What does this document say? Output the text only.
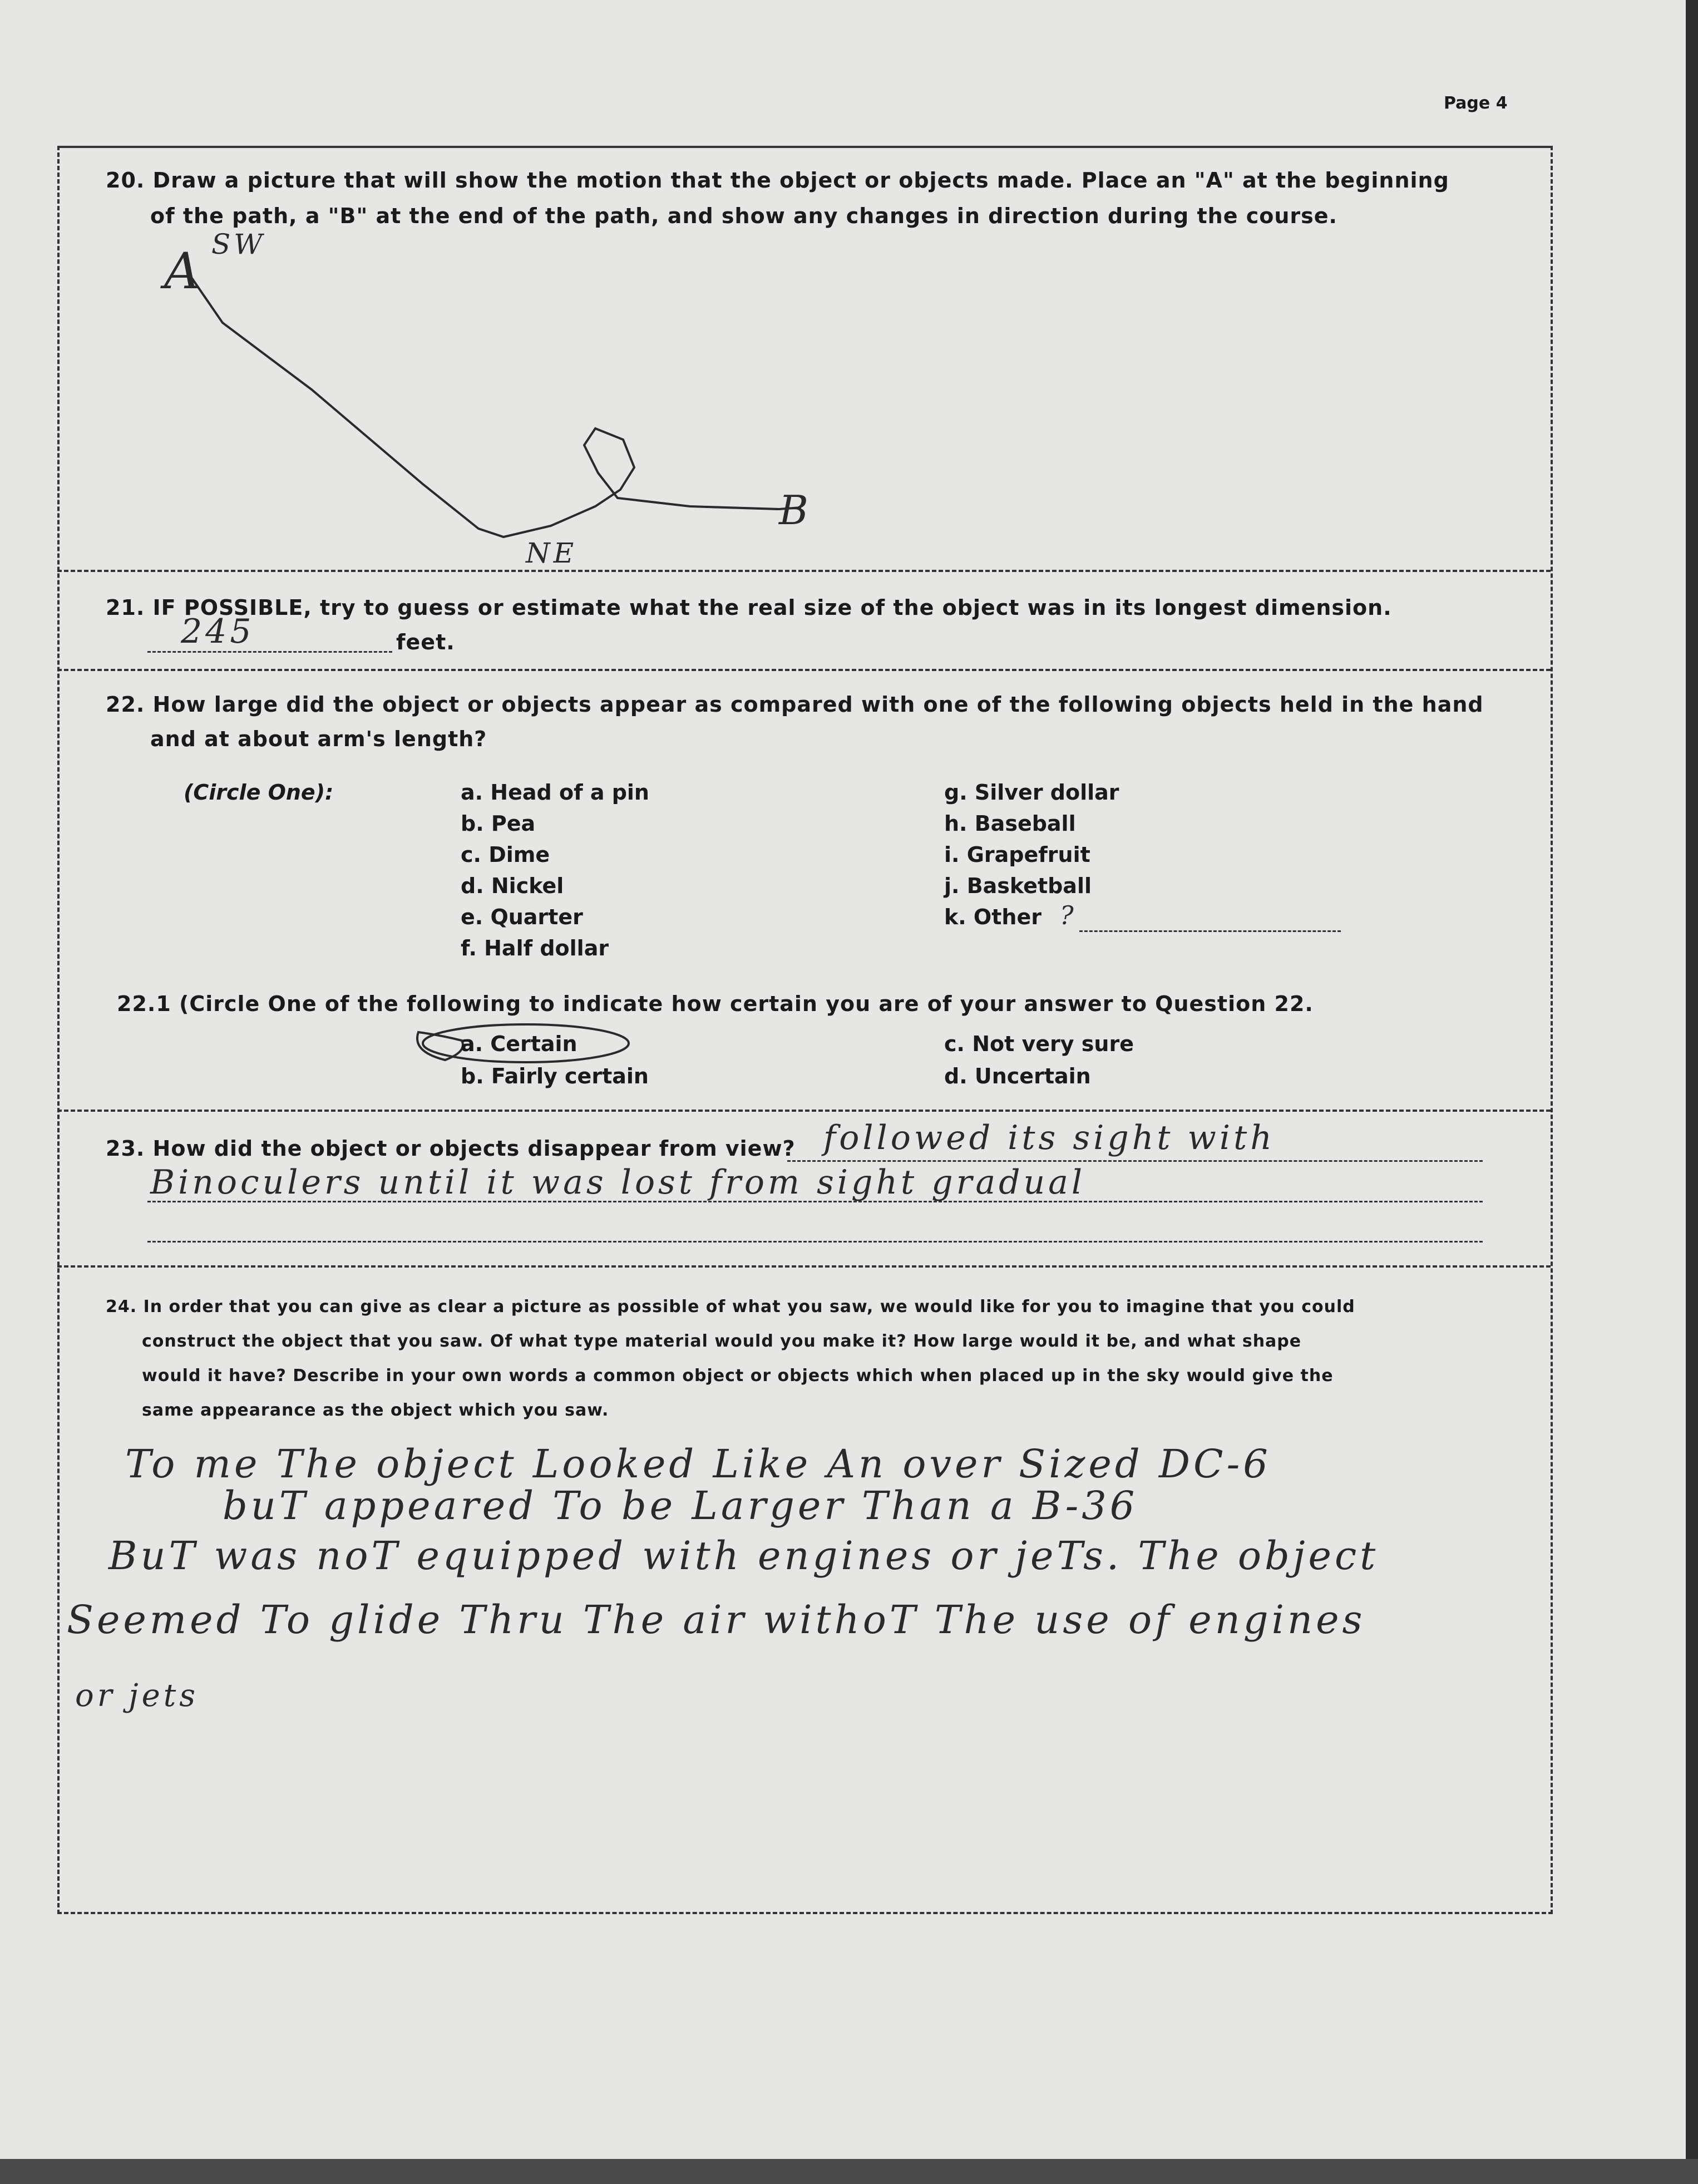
Page 4
20. Draw a picture that will show the motion that the object or objects made. Place an "A" at the beginning
of the path, a "B" at the end of the path, and show any changes in direction during the course.
A SW
B
NE
21. IF POSSIBLE, try to guess or estimate what the real size of the object was in its longest dimension.
245	feet.
22. How large did the object or objects appear as compared with one of the following objects held in the hand
and at about arm's length?
(Circle One):	a. Head of a pin
b. Pea
c. Dime
d. Nickel
e. Quarter
f. Half dollar
g. Silver dollar
h. Baseball
i. Grapefruit
j. Basketball
k. Other ?
22.1 (Circle One of the following to indicate how certain you are of your answer to Question 22.
a. Certain
b. Fairly certain
c. Not very sure
d. Uncertain
23. How did the object or objects disappear from view? followed its sight with
Binoculers until it was lost from sight gradual
24. In order that you can give as clear a picture as possible of what you saw, we would like for you to imagine that you could
construct the object that you saw. Of what type material would you make it? How large would it be, and what shape
would it have? Describe in your own words a common object or objects which when placed up in the sky would give the
same appearance as the object which you saw.
To me The object Looked Like An over Sized DC-6
buT appeared To be Larger Than a B-36
BuT was noT equipped with engines or jeTs. The object
Seemed To glide Thru The air withoT The use of engines
or jets
